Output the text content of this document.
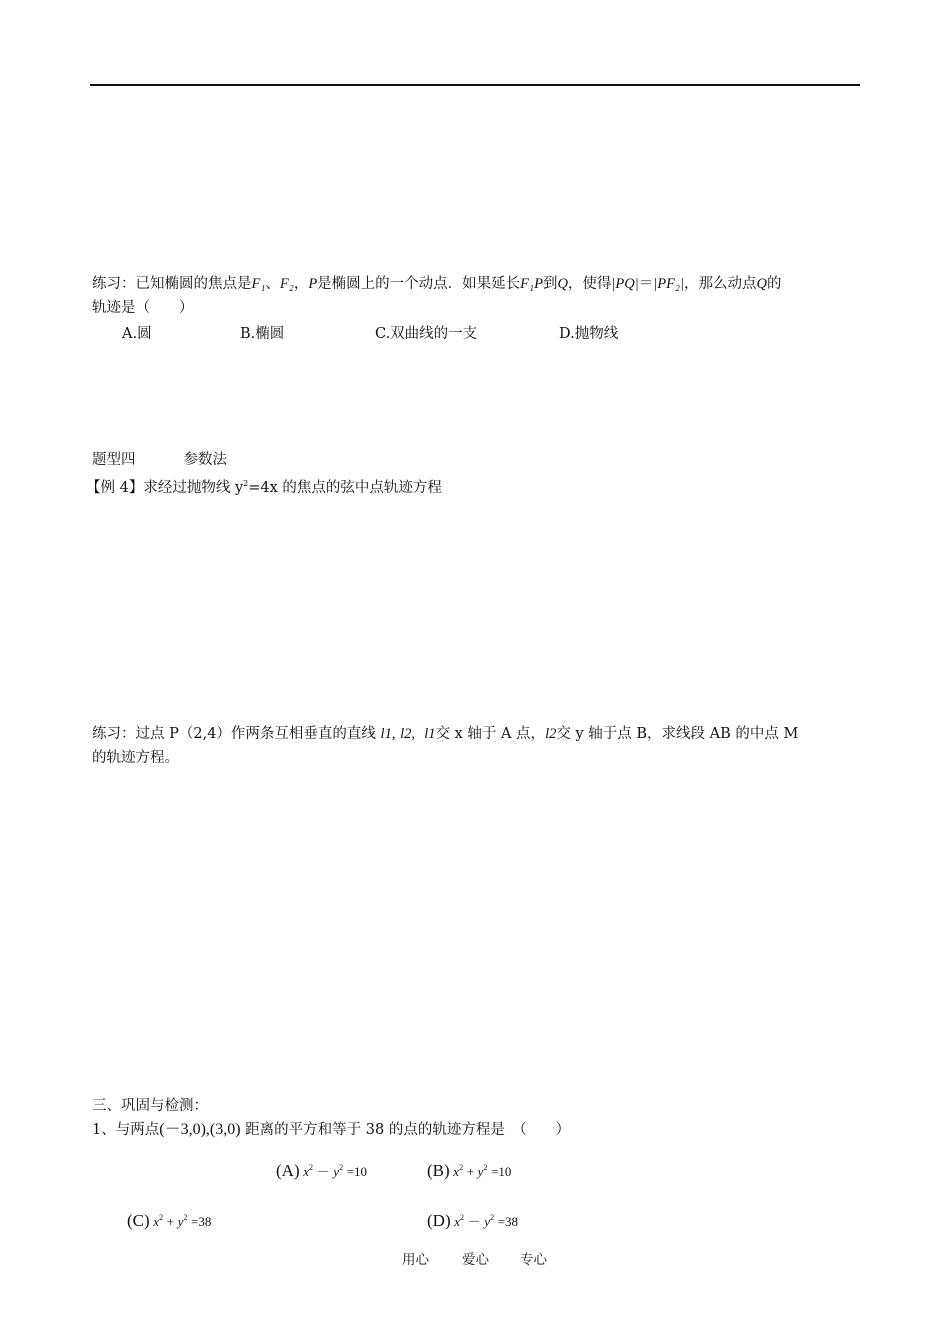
练习：已知椭圆的焦点是F₁、F₂，P是椭圆上的一个动点．如果延长F₁P到Q，使得|PQ|＝|PF₂|，那么动点Q的
轨迹是（　　）
A.圆	B.椭圆	C.双曲线的一支	D.抛物线
题型四	参数法
【例 4】求经过抛物线 $y^2=4x$ 的焦点的弦中点轨迹方程
练习：过点 P（2,4）作两条互相垂直的直线 l1, l2, l1交 x 轴于 A 点，l2交 y 轴于点 B，求线段 AB 的中点 M
的轨迹方程。
三、巩固与检测：
1、与两点(－3,0),(3,0) 距离的平方和等于 38 的点的轨迹方程是　（　　）
(A) $x^2 - y^2 =10$	(B) $x^2 + y^2 =10$
(C) $x^2 + y^2 =38$	(D) $x^2 - y^2 =38$
用心 爱心 专心
